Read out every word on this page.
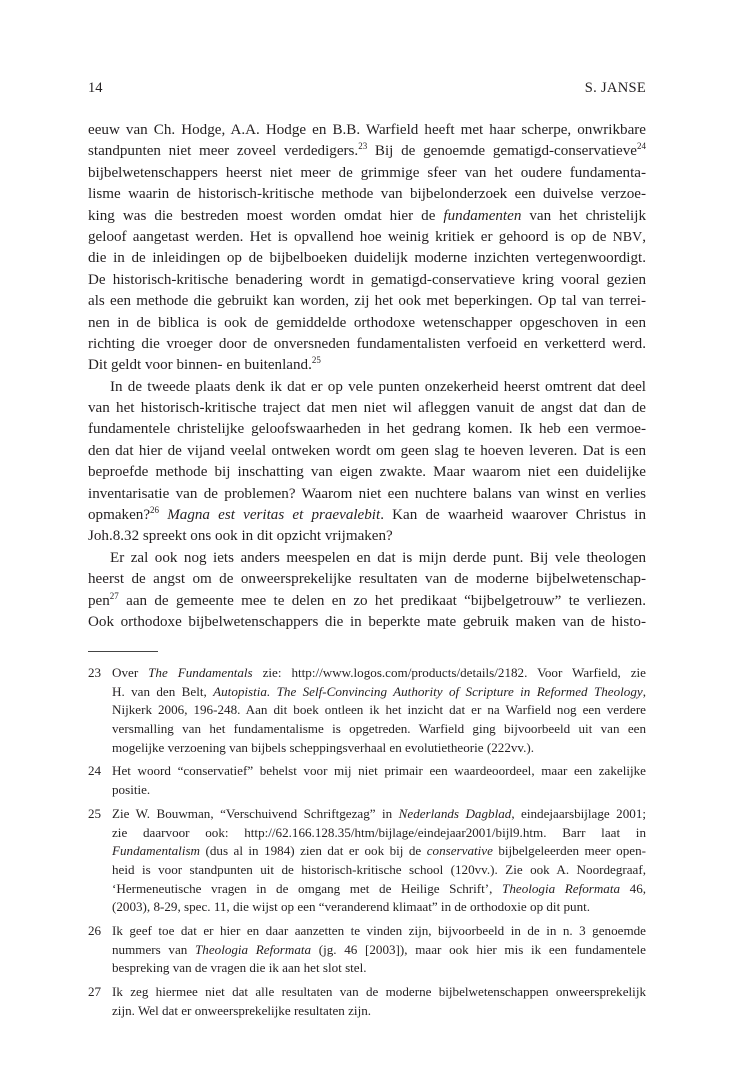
14	S. JANSE
eeuw van Ch. Hodge, A.A. Hodge en B.B. Warfield heeft met haar scherpe, onwrikbare
standpunten niet meer zoveel verdedigers.$^{23}$ Bij de genoemde gematigd-conservatieve$^{24}$
bijbelwetenschappers heerst niet meer de grimmige sfeer van het oudere fundamenta-
lisme waarin de historisch-kritische methode van bijbelonderzoek een duivelse verzoe-
king was die bestreden moest worden omdat hier de fundamenten van het christelijk
geloof aangetast werden. Het is opvallend hoe weinig kritiek er gehoord is op de NBV,
die in de inleidingen op de bijbelboeken duidelijk moderne inzichten vertegenwoordigt.
De historisch-kritische benadering wordt in gematigd-conservatieve kring vooral gezien
als een methode die gebruikt kan worden, zij het ook met beperkingen. Op tal van terrei-
nen in de biblica is ook de gemiddelde orthodoxe wetenschapper opgeschoven in een
richting die vroeger door de onversneden fundamentalisten verfoeid en verketterd werd.
Dit geldt voor binnen- en buitenland.$^{25}$
In de tweede plaats denk ik dat er op vele punten onzekerheid heerst omtrent dat deel
van het historisch-kritische traject dat men niet wil afleggen vanuit de angst dat dan de
fundamentele christelijke geloofswaarheden in het gedrang komen. Ik heb een vermoe-
den dat hier de vijand veelal ontweken wordt om geen slag te hoeven leveren. Dat is een
beproefde methode bij inschatting van eigen zwakte. Maar waarom niet een duidelijke
inventarisatie van de problemen? Waarom niet een nuchtere balans van winst en verlies
opmaken?$^{26}$ Magna est veritas et praevalebit. Kan de waarheid waarover Christus in
Joh.8.32 spreekt ons ook in dit opzicht vrijmaken?
Er zal ook nog iets anders meespelen en dat is mijn derde punt. Bij vele theologen
heerst de angst om de onweersprekelijke resultaten van de moderne bijbelwetenschap-
pen$^{27}$ aan de gemeente mee te delen en zo het predikaat “bijbelgetrouw” te verliezen.
Ook orthodoxe bijbelwetenschappers die in beperkte mate gebruik maken van de histo-
23 Over The Fundamentals zie: http://www.logos.com/products/details/2182. Voor Warfield, zie
H. van den Belt, Autopistia. The Self-Convincing Authority of Scripture in Reformed Theology,
Nijkerk 2006, 196-248. Aan dit boek ontleen ik het inzicht dat er na Warfield nog een verdere
versmalling van het fundamentalisme is opgetreden. Warfield ging bijvoorbeeld uit van een
mogelijke verzoening van bijbels scheppingsverhaal en evolutietheorie (222vv.).
24 Het woord “conservatief” behelst voor mij niet primair een waardeoordeel, maar een zakelijke
positie.
25 Zie W. Bouwman, “Verschuivend Schriftgezag” in Nederlands Dagblad, eindejaarsbijlage 2001;
zie daarvoor ook: http://62.166.128.35/htm/bijlage/eindejaar2001/bijl9.htm. Barr laat in
Fundamentalism (dus al in 1984) zien dat er ook bij de conservative bijbelgeleerden meer open-
heid is voor standpunten uit de historisch-kritische school (120vv.). Zie ook A. Noordegraaf,
‘Hermeneutische vragen in de omgang met de Heilige Schrift’, Theologia Reformata 46,
(2003), 8-29, spec. 11, die wijst op een “veranderend klimaat” in de orthodoxie op dit punt.
26 Ik geef toe dat er hier en daar aanzetten te vinden zijn, bijvoorbeeld in de in n. 3 genoemde
nummers van Theologia Reformata (jg. 46 [2003]), maar ook hier mis ik een fundamentele
bespreking van de vragen die ik aan het slot stel.
27 Ik zeg hiermee niet dat alle resultaten van de moderne bijbelwetenschappen onweersprekelijk
zijn. Wel dat er onweersprekelijke resultaten zijn.
